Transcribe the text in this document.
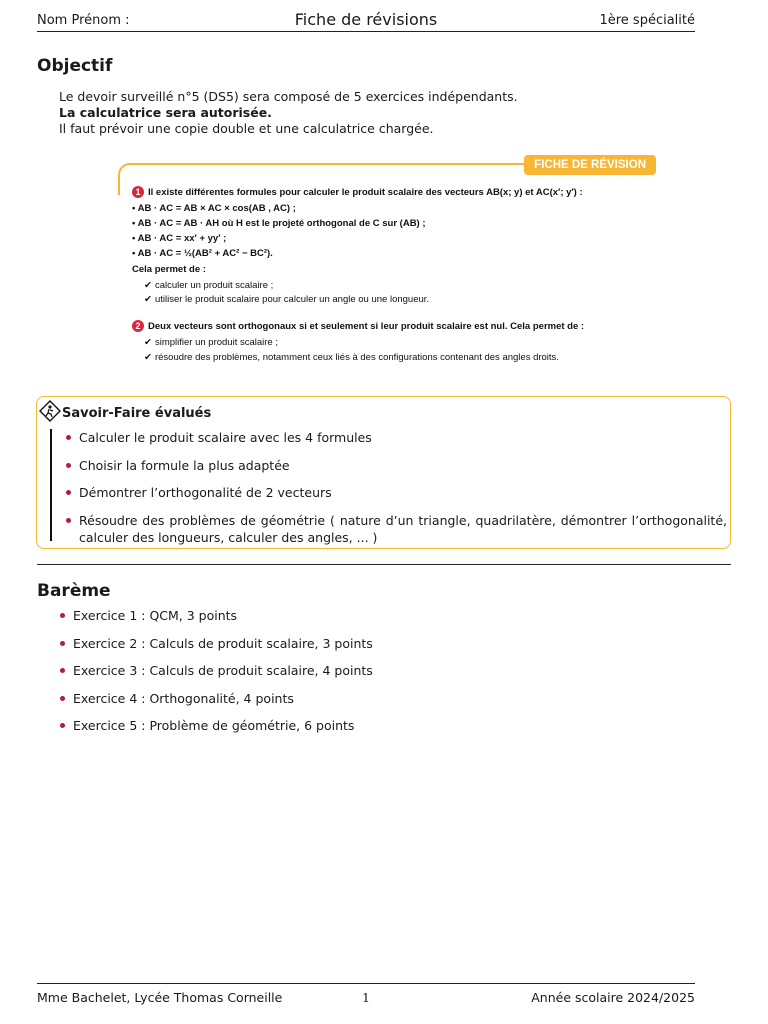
Nom Prénom :	Fiche de révisions	1ère spécialité
Objectif
Le devoir surveillé n°5 (DS5) sera composé de 5 exercices indépendants.
La calculatrice sera autorisée.
Il faut prévoir une copie double et une calculatrice chargée.
FICHE DE RÉVISION
1 Il existe différentes formules pour calculer le produit scalaire des vecteurs AB(x; y) et AC(x′; y′) :
• AB · AC = AB × AC × cos(AB , AC) ;
• AB · AC = AB · AH où H est le projeté orthogonal de C sur (AB) ;
• AB · AC = xx′ + yy′ ;
• AB · AC = ½(AB² + AC² − BC²).
Cela permet de :
✔ calculer un produit scalaire ;
✔ utiliser le produit scalaire pour calculer un angle ou une longueur.
2 Deux vecteurs sont orthogonaux si et seulement si leur produit scalaire est nul. Cela permet de :
✔ simplifier un produit scalaire ;
✔ résoudre des problèmes, notamment ceux liés à des configurations contenant des angles droits.
Savoir-Faire évalués
Calculer le produit scalaire avec les 4 formules
Choisir la formule la plus adaptée
Démontrer l’orthogonalité de 2 vecteurs
Résoudre des problèmes de géométrie ( nature d’un triangle, quadrilatère, démontrer l’orthogonalité, calculer des longueurs, calculer des angles, ... )
Barème
Exercice 1 : QCM, 3 points
Exercice 2 : Calculs de produit scalaire, 3 points
Exercice 3 : Calculs de produit scalaire, 4 points
Exercice 4 : Orthogonalité, 4 points
Exercice 5 : Problème de géométrie, 6 points
Mme Bachelet, Lycée Thomas Corneille	1	Année scolaire 2024/2025
